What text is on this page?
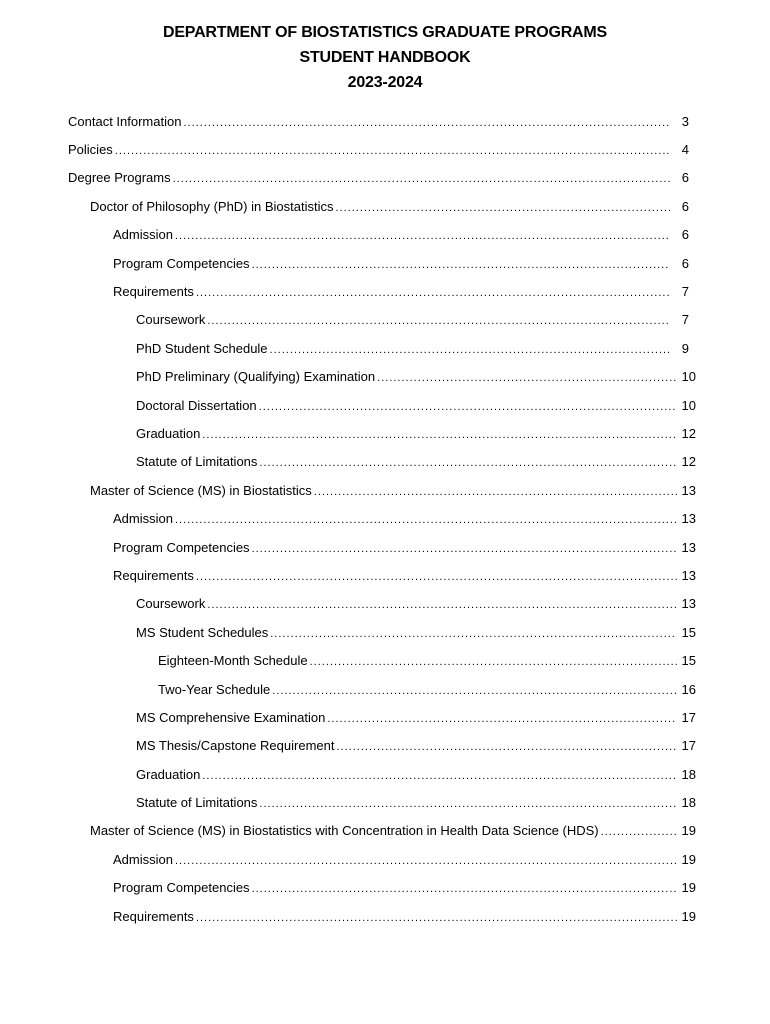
DEPARTMENT OF BIOSTATISTICS GRADUATE PROGRAMS
STUDENT HANDBOOK
2023-2024
Contact Information .....	3
Policies .....	4
Degree Programs .....	6
Doctor of Philosophy (PhD) in Biostatistics .....	6
Admission .....	6
Program Competencies .....	6
Requirements .....	7
Coursework .....	7
PhD Student Schedule .....	9
PhD Preliminary (Qualifying) Examination .....	10
Doctoral Dissertation .....	10
Graduation .....	12
Statute of Limitations .....	12
Master of Science (MS) in Biostatistics .....	13
Admission .....	13
Program Competencies .....	13
Requirements .....	13
Coursework .....	13
MS Student Schedules .....	15
Eighteen-Month Schedule .....	15
Two-Year Schedule .....	16
MS Comprehensive Examination .....	17
MS Thesis/Capstone Requirement .....	17
Graduation .....	18
Statute of Limitations .....	18
Master of Science (MS) in Biostatistics with Concentration in Health Data Science (HDS) .....	19
Admission .....	19
Program Competencies .....	19
Requirements .....	19
